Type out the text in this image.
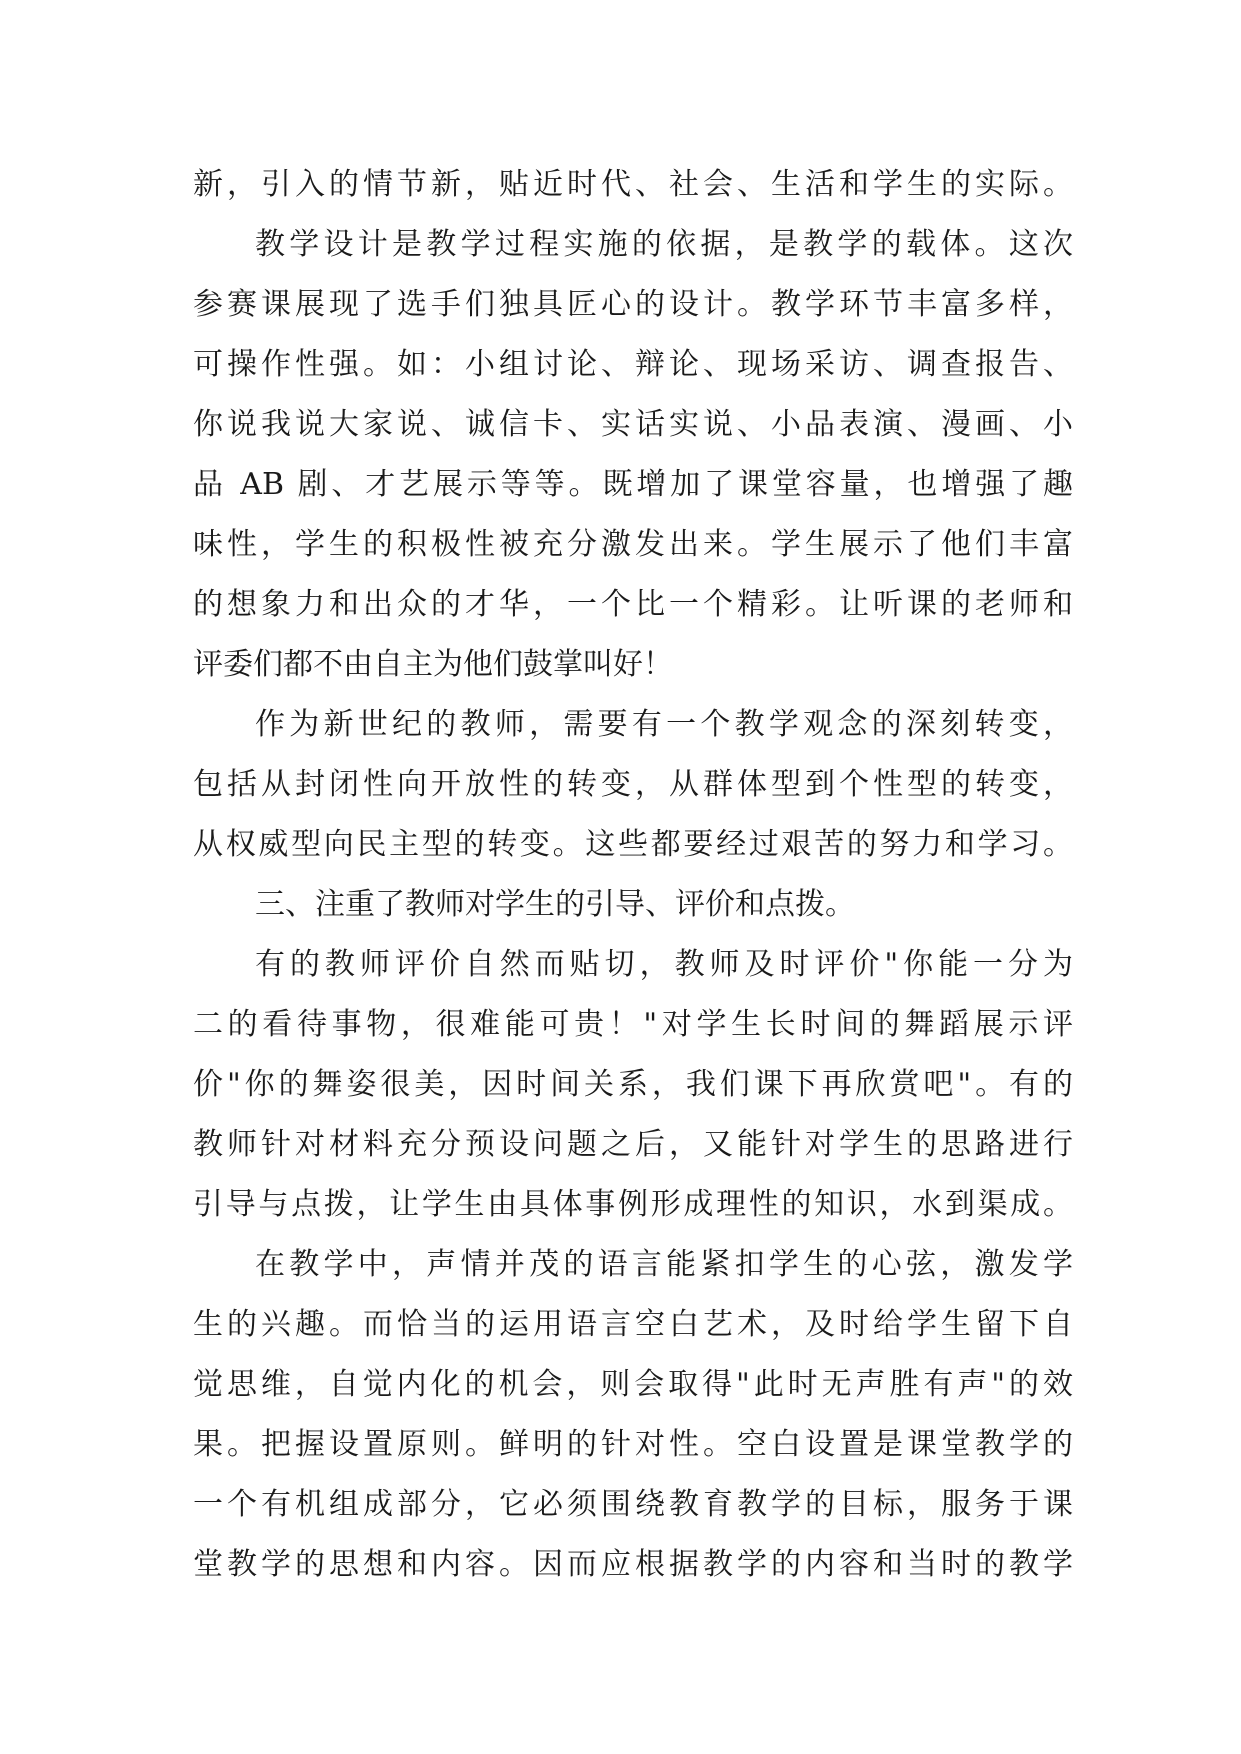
新，引入的情节新，贴近时代、社会、生活和学生的实际。
教学设计是教学过程实施的依据，是教学的载体。这次
参赛课展现了选手们独具匠心的设计。教学环节丰富多样，
可操作性强。如：小组讨论、辩论、现场采访、调查报告、
你说我说大家说、诚信卡、实话实说、小品表演、漫画、小
品 AB 剧、才艺展示等等。既增加了课堂容量，也增强了趣
味性，学生的积极性被充分激发出来。学生展示了他们丰富
的想象力和出众的才华，一个比一个精彩。让听课的老师和
评委们都不由自主为他们鼓掌叫好！
作为新世纪的教师，需要有一个教学观念的深刻转变，
包括从封闭性向开放性的转变，从群体型到个性型的转变，
从权威型向民主型的转变。这些都要经过艰苦的努力和学习。
三、注重了教师对学生的引导、评价和点拨。
有的教师评价自然而贴切，教师及时评价"你能一分为
二的看待事物，很难能可贵！"对学生长时间的舞蹈展示评
价"你的舞姿很美，因时间关系，我们课下再欣赏吧"。有的
教师针对材料充分预设问题之后，又能针对学生的思路进行
引导与点拨，让学生由具体事例形成理性的知识，水到渠成。
在教学中，声情并茂的语言能紧扣学生的心弦，激发学
生的兴趣。而恰当的运用语言空白艺术，及时给学生留下自
觉思维，自觉内化的机会，则会取得"此时无声胜有声"的效
果。把握设置原则。鲜明的针对性。空白设置是课堂教学的
一个有机组成部分，它必须围绕教育教学的目标，服务于课
堂教学的思想和内容。因而应根据教学的内容和当时的教学
